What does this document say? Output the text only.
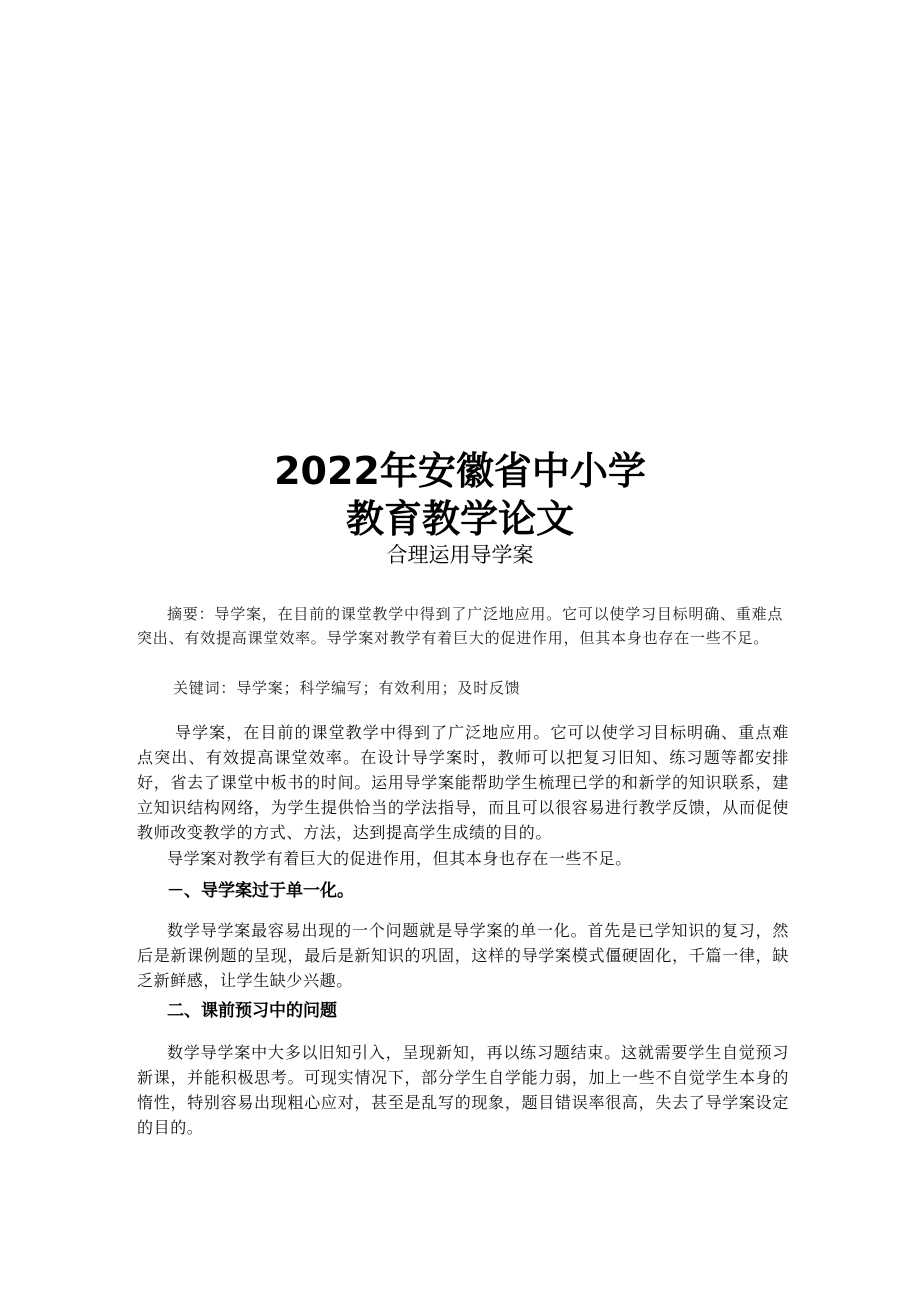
2022年安徽省中小学
教育教学论文
合理运用导学案
摘要：导学案，在目前的课堂教学中得到了广泛地应用。它可以使学习目标明确、重难点突出、有效提高课堂效率。导学案对教学有着巨大的促进作用，但其本身也存在一些不足。
关键词：导学案；科学编写；有效利用；及时反馈
导学案，在目前的课堂教学中得到了广泛地应用。它可以使学习目标明确、重点难点突出、有效提高课堂效率。在设计导学案时，教师可以把复习旧知、练习题等都安排好，省去了课堂中板书的时间。运用导学案能帮助学生梳理已学的和新学的知识联系，建立知识结构网络，为学生提供恰当的学法指导，而且可以很容易进行教学反馈，从而促使教师改变教学的方式、方法，达到提高学生成绩的目的。
导学案对教学有着巨大的促进作用，但其本身也存在一些不足。
－、导学案过于单一化。
数学导学案最容易出现的一个问题就是导学案的单一化。首先是已学知识的复习，然后是新课例题的呈现，最后是新知识的巩固，这样的导学案模式僵硬固化，千篇一律，缺乏新鲜感，让学生缺少兴趣。
二、课前预习中的问题
数学导学案中大多以旧知引入，呈现新知，再以练习题结束。这就需要学生自觉预习新课，并能积极思考。可现实情况下，部分学生自学能力弱，加上一些不自觉学生本身的惰性，特别容易出现粗心应对，甚至是乱写的现象，题目错误率很高，失去了导学案设定的目的。
